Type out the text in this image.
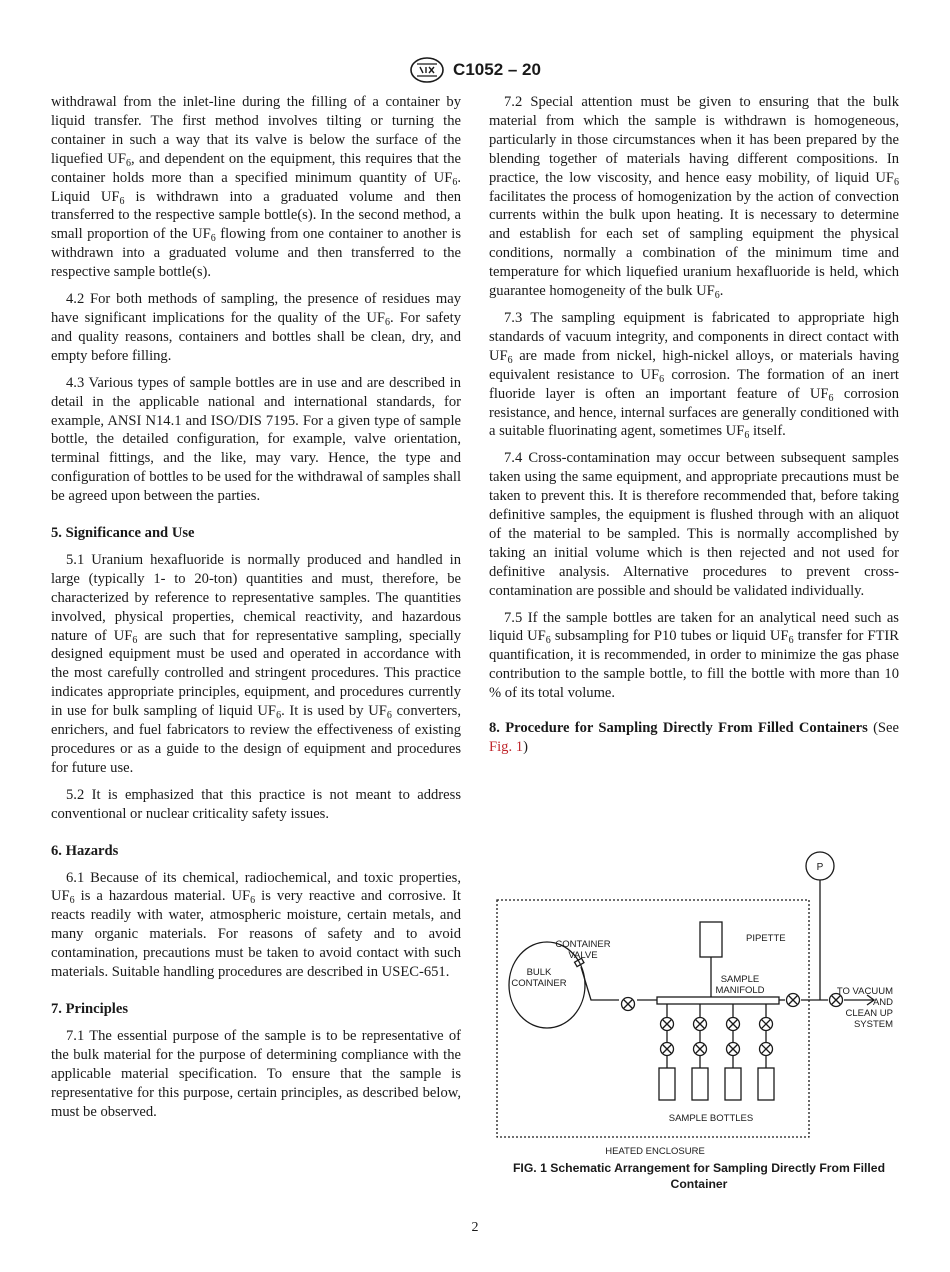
C1052 – 20

withdrawal from the inlet-line during the filling of a container by liquid transfer. The first method involves tilting or turning the container in such a way that its valve is below the surface of the liquefied $UF_6$, and dependent on the equipment, this requires that the container holds more than a specified minimum quantity of $UF_6$. Liquid $UF_6$ is withdrawn into a graduated volume and then transferred to the respective sample bottle(s). In the second method, a small proportion of the $UF_6$ flowing from one container to another is withdrawn into a graduated volume and then transferred to the respective sample bottle(s).

4.2 For both methods of sampling, the presence of residues may have significant implications for the quality of the $UF_6$. For safety and quality reasons, containers and bottles shall be clean, dry, and empty before filling.

4.3 Various types of sample bottles are in use and are described in detail in the applicable national and international standards, for example, ANSI N14.1 and ISO/DIS 7195. For a given type of sample bottle, the detailed configuration, for example, valve orientation, terminal fittings, and the like, may vary. Hence, the type and configuration of bottles to be used for the withdrawal of samples shall be agreed upon between the parties.

5. Significance and Use

5.1 Uranium hexafluoride is normally produced and handled in large (typically 1- to 20-ton) quantities and must, therefore, be characterized by reference to representative samples. The quantities involved, physical properties, chemical reactivity, and hazardous nature of $UF_6$ are such that for representative sampling, specially designed equipment must be used and operated in accordance with the most carefully controlled and stringent procedures. This practice indicates appropriate principles, equipment, and procedures currently in use for bulk sampling of liquid $UF_6$. It is used by $UF_6$ converters, enrichers, and fuel fabricators to review the effectiveness of existing procedures or as a guide to the design of equipment and procedures for future use.

5.2 It is emphasized that this practice is not meant to address conventional or nuclear criticality safety issues.

6. Hazards

6.1 Because of its chemical, radiochemical, and toxic properties, $UF_6$ is a hazardous material. $UF_6$ is very reactive and corrosive. It reacts readily with water, atmospheric moisture, certain metals, and many organic materials. For reasons of safety and to avoid contamination, precautions must be taken to avoid contact with such materials. Suitable handling procedures are described in USEC-651.

7. Principles

7.1 The essential purpose of the sample is to be representative of the bulk material for the purpose of determining compliance with the applicable material specification. To ensure that the sample is representative for this purpose, certain principles, as described below, must be observed.

7.2 Special attention must be given to ensuring that the bulk material from which the sample is withdrawn is homogeneous, particularly in those circumstances when it has been prepared by the blending together of materials having different compositions. In practice, the low viscosity, and hence easy mobility, of liquid $UF_6$ facilitates the process of homogenization by the action of convection currents within the bulk upon heating. It is necessary to determine and establish for each set of sampling equipment the physical conditions, normally a combination of the minimum time and temperature for which liquefied uranium hexafluoride is held, which guarantee homogeneity of the bulk $UF_6$.

7.3 The sampling equipment is fabricated to appropriate high standards of vacuum integrity, and components in direct contact with $UF_6$ are made from nickel, high-nickel alloys, or materials having equivalent resistance to $UF_6$ corrosion. The formation of an inert fluoride layer is often an important feature of $UF_6$ corrosion resistance, and hence, internal surfaces are generally conditioned with a suitable fluorinating agent, sometimes $UF_6$ itself.

7.4 Cross-contamination may occur between subsequent samples taken using the same equipment, and appropriate precautions must be taken to prevent this. It is therefore recommended that, before taking definitive samples, the equipment is flushed through with an aliquot of the material to be sampled. This is normally accomplished by taking an initial volume which is then rejected and not used for definitive analysis. Alternative procedures to prevent cross-contamination are possible and should be validated individually.

7.5 If the sample bottles are taken for an analytical need such as liquid $UF_6$ subsampling for P10 tubes or liquid $UF_6$ transfer for FTIR quantification, it is recommended, in order to minimize the gas phase contribution to the sample bottle, to fill the bottle with more than 10 % of its total volume.

8. Procedure for Sampling Directly From Filled Containers (See Fig. 1)
P
PIPETTE
CONTAINER
VALVE
BULK
CONTAINER	SAMPLE
MANIFOLD	TO VACUUM
AND
CLEAN UP
SYSTEM
SAMPLE BOTTLES
HEATED ENCLOSURE
FIG. 1 Schematic Arrangement for Sampling Directly From Filled
Container
2
